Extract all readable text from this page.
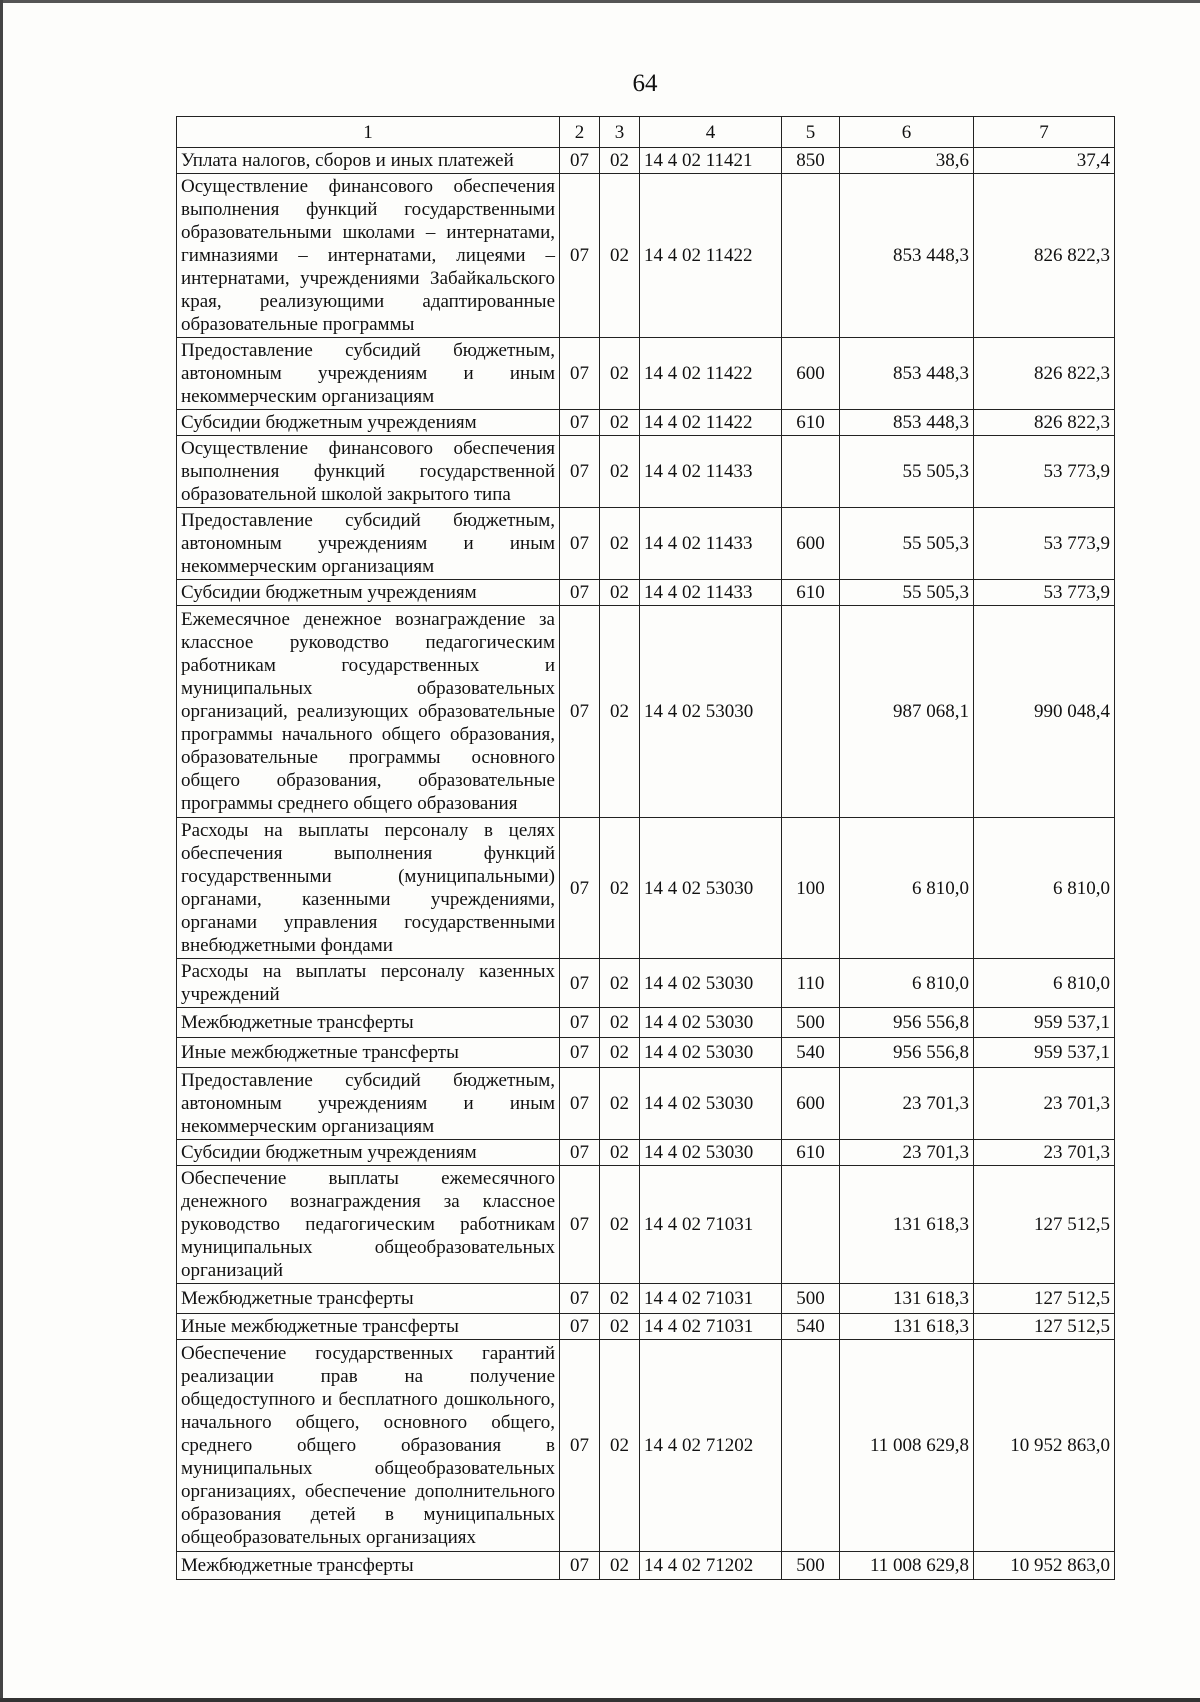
64
1	2	3	4	5	6	7
Уплата налогов, сборов и иных платежей	07	02	14 4 02 11421	850	38,6	37,4
Осуществление финансового обеспечения выполнения функций государственными образовательными школами – интернатами, гимназиями – интернатами, лицеями – интернатами, учреждениями Забайкальского края, реализующими адаптированные образовательные программы	07	02	14 4 02 11422		853 448,3	826 822,3
Предоставление субсидий бюджетным, автономным учреждениям и иным некоммерческим организациям	07	02	14 4 02 11422	600	853 448,3	826 822,3
Субсидии бюджетным учреждениям	07	02	14 4 02 11422	610	853 448,3	826 822,3
Осуществление финансового обеспечения выполнения функций государственной образовательной школой закрытого типа	07	02	14 4 02 11433		55 505,3	53 773,9
Предоставление субсидий бюджетным, автономным учреждениям и иным некоммерческим организациям	07	02	14 4 02 11433	600	55 505,3	53 773,9
Субсидии бюджетным учреждениям	07	02	14 4 02 11433	610	55 505,3	53 773,9
Ежемесячное денежное вознаграждение за классное руководство педагогическим работникам государственных и муниципальных образовательных организаций, реализующих образовательные программы начального общего образования, образовательные программы основного общего образования, образовательные программы среднего общего образования	07	02	14 4 02 53030		987 068,1	990 048,4
Расходы на выплаты персоналу в целях обеспечения выполнения функций государственными (муниципальными) органами, казенными учреждениями, органами управления государственными внебюджетными фондами	07	02	14 4 02 53030	100	6 810,0	6 810,0
Расходы на выплаты персоналу казенных учреждений	07	02	14 4 02 53030	110	6 810,0	6 810,0
Межбюджетные трансферты	07	02	14 4 02 53030	500	956 556,8	959 537,1
Иные межбюджетные трансферты	07	02	14 4 02 53030	540	956 556,8	959 537,1
Предоставление субсидий бюджетным, автономным учреждениям и иным некоммерческим организациям	07	02	14 4 02 53030	600	23 701,3	23 701,3
Субсидии бюджетным учреждениям	07	02	14 4 02 53030	610	23 701,3	23 701,3
Обеспечение выплаты ежемесячного денежного вознаграждения за классное руководство педагогическим работникам муниципальных общеобразовательных организаций	07	02	14 4 02 71031		131 618,3	127 512,5
Межбюджетные трансферты	07	02	14 4 02 71031	500	131 618,3	127 512,5
Иные межбюджетные трансферты	07	02	14 4 02 71031	540	131 618,3	127 512,5
Обеспечение государственных гарантий реализации прав на получение общедоступного и бесплатного дошкольного, начального общего, основного общего, среднего общего образования в муниципальных общеобразовательных организациях, обеспечение дополнительного образования детей в муниципальных общеобразовательных организациях	07	02	14 4 02 71202		11 008 629,8	10 952 863,0
Межбюджетные трансферты	07	02	14 4 02 71202	500	11 008 629,8	10 952 863,0
